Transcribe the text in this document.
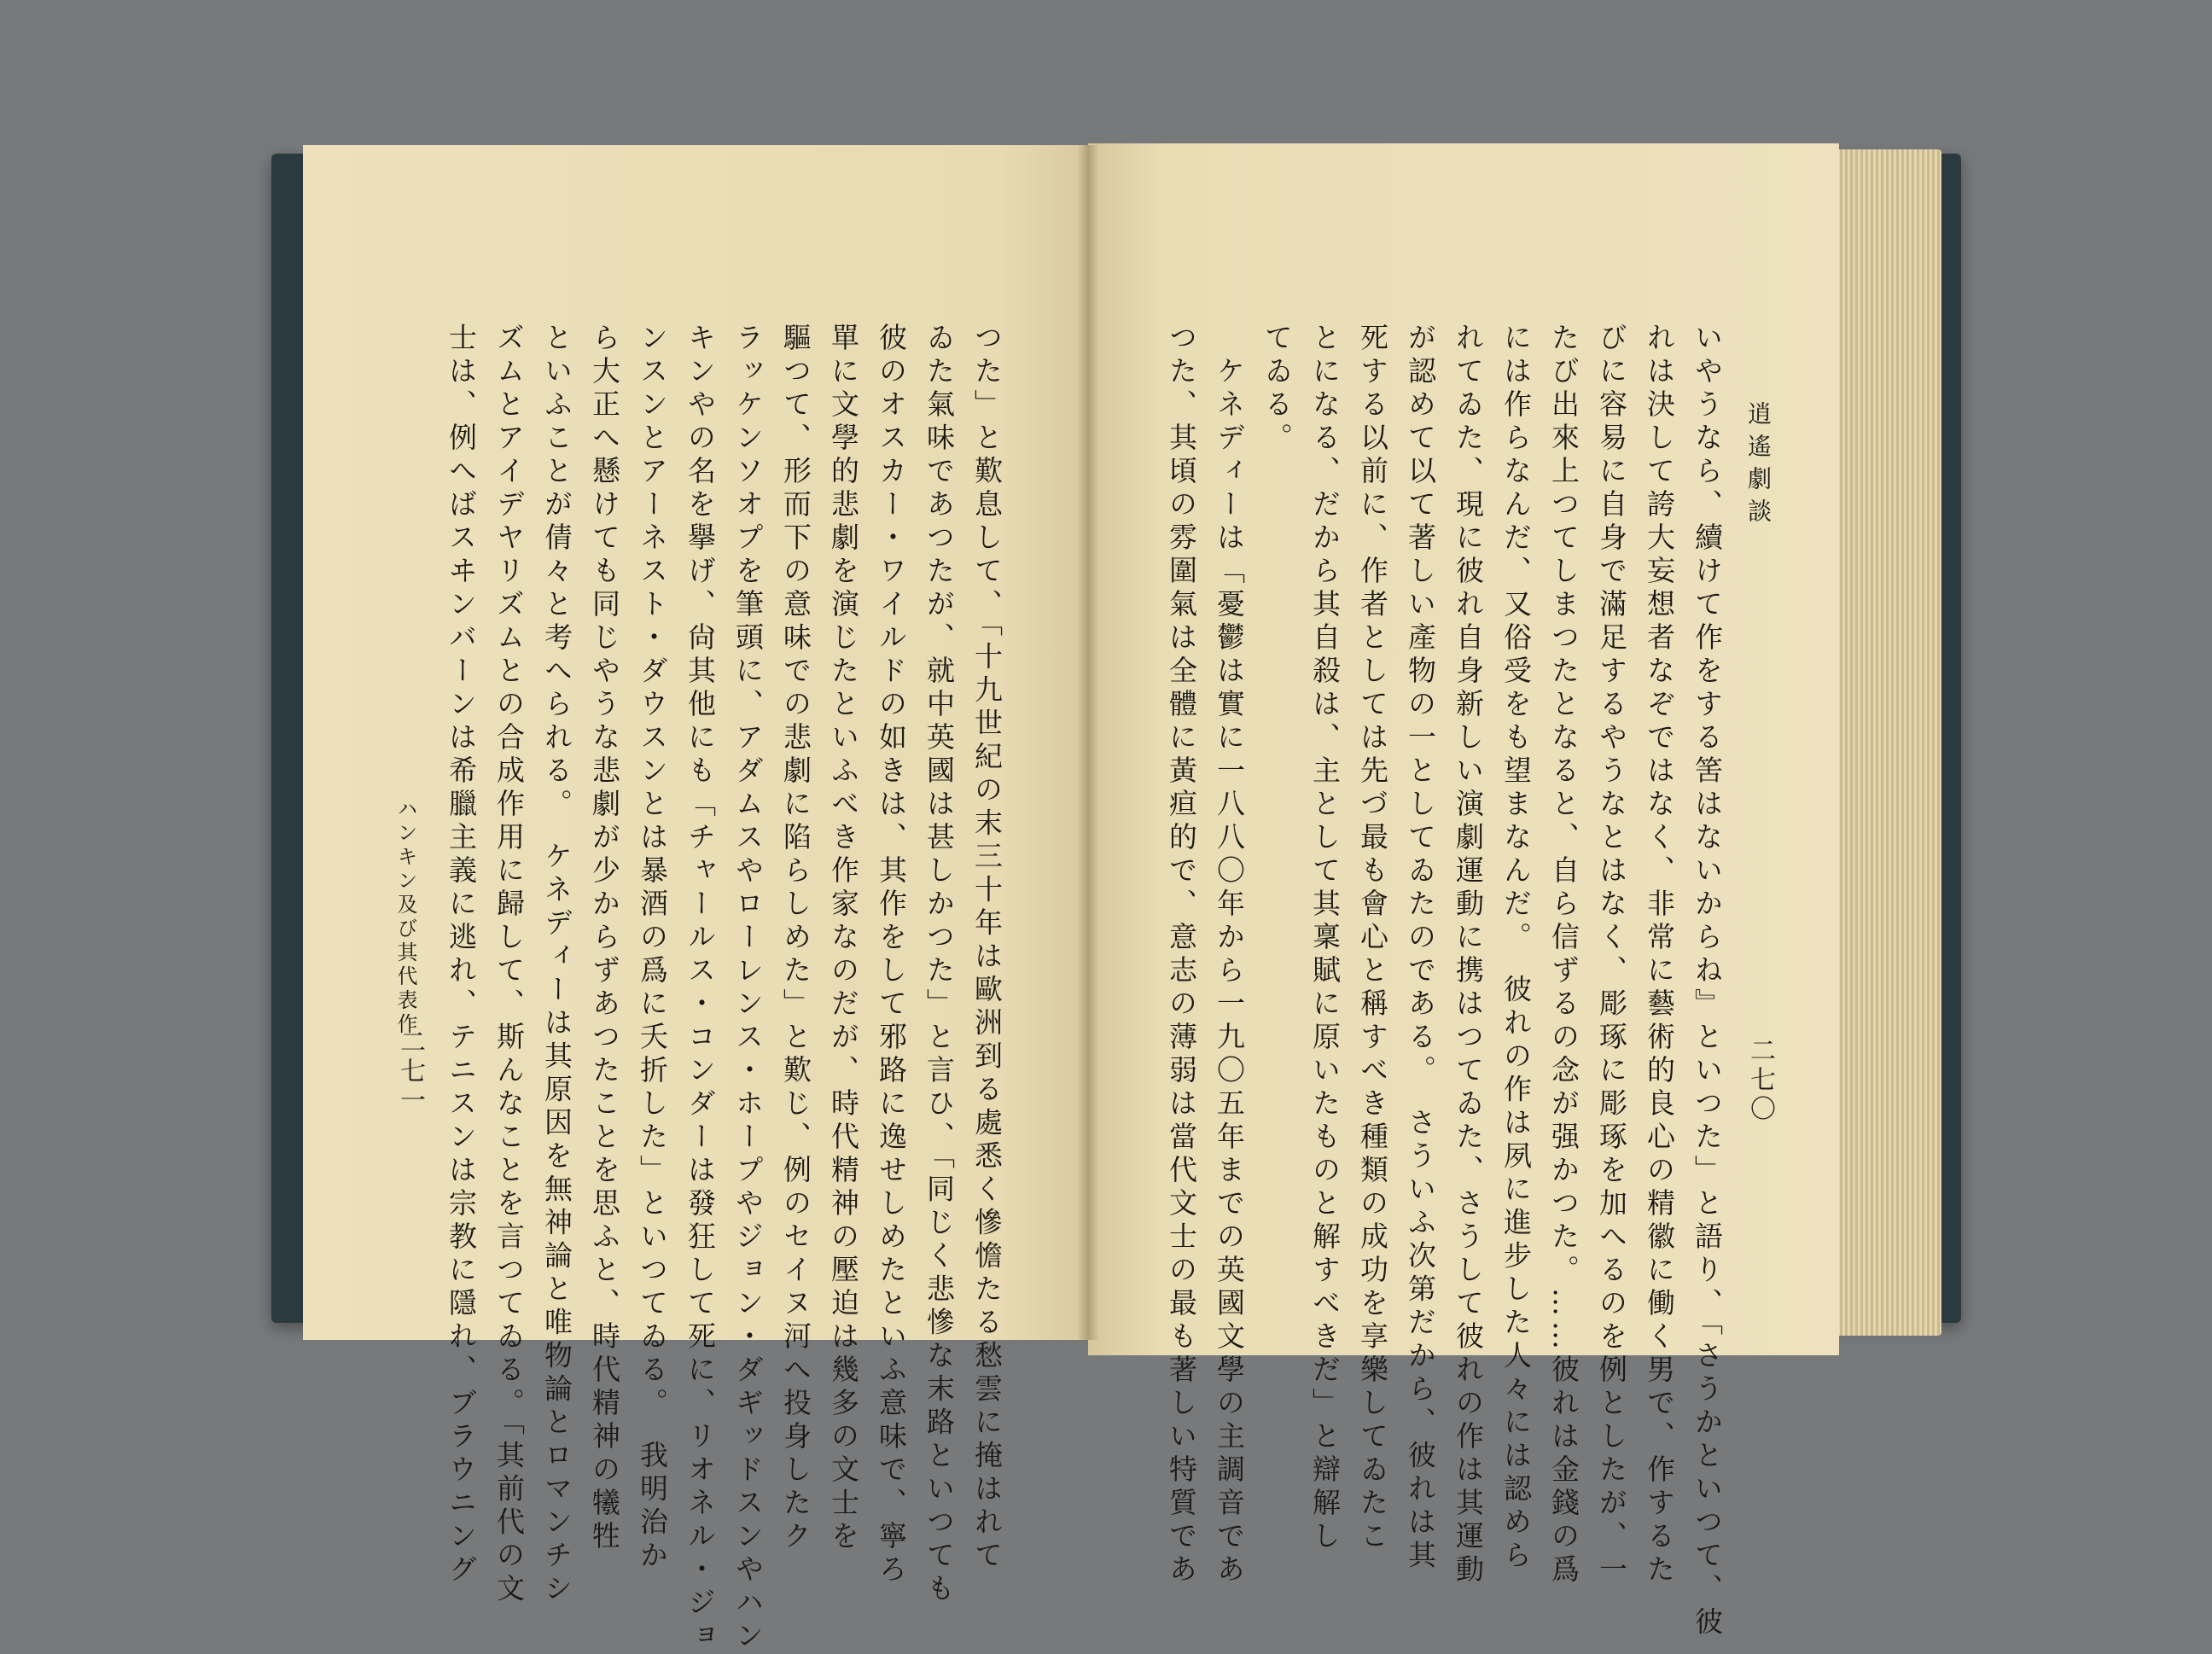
逍遙劇談
二七〇
ハンキン及び其代表作
二七一	いやうなら、續けて作をする筈はないからね』といつた」と語り、「さうかといつて、彼
れは決して誇大妄想者なぞではなく、非常に藝術的良心の精徽に働く男で、作するた
びに容易に自身で滿足するやうなとはなく、彫琢に彫琢を加へるのを例としたが、一
たび出來上つてしまつたとなると、自ら信ずるの念が强かつた。……彼れは金錢の爲
には作らなんだ、又俗受をも望まなんだ。　彼れの作は夙に進步した人々には認めら
れてゐた、現に彼れ自身新しい演劇運動に携はつてゐた、さうして彼れの作は其運動
が認めて以て著しい產物の一としてゐたのである。　さういふ次第だから、彼れは其
死する以前に、作者としては先づ最も會心と稱すべき種類の成功を享樂してゐたこ
とになる、だから其自殺は、主として其稟賦に原いたものと解すべきだ」と辯解し
てゐる。
　ケネディーは「憂鬱は實に一八八〇年から一九〇五年までの英國文學の主調音であ
つた、其頃の雰圍氣は全體に黃疸的で、意志の薄弱は當代文士の最も著しい特質であ
つた」と歎息して、「十九世紀の末三十年は歐洲到る處悉く慘憺たる愁雲に掩はれて
ゐた氣味であつたが、就中英國は甚しかつた」と言ひ、「同じく悲慘な末路といつても
彼のオスカー・ワイルドの如きは、其作をして邪路に逸せしめたといふ意味で、寧ろ
單に文學的悲劇を演じたといふべき作家なのだが、時代精神の壓迫は幾多の文士を
驅つて、形而下の意味での悲劇に陷らしめた」と歎じ、例のセイヌ河へ投身したク
ラッケンソオプを筆頭に、アダムスやローレンス・ホープやジョン・ダギッドスンやハン
キンやの名を擧げ、尙其他にも「チャールス・コンダーは發狂して死に、リオネル・ジョ
ンスンとアーネスト・ダウスンとは暴酒の爲に夭折した」といつてゐる。　我明治か
ら大正へ懸けても同じやうな悲劇が少からずあつたことを思ふと、時代精神の犧牲
といふことが倩々と考へられる。　ケネディーは其原因を無神論と唯物論とロマンチシ
ズムとアイデヤリズムとの合成作用に歸して、斯んなことを言つてゐる。「其前代の文
士は、例へばスヰンバーンは希臘主義に逃れ、テニスンは宗教に隱れ、ブラウニング
